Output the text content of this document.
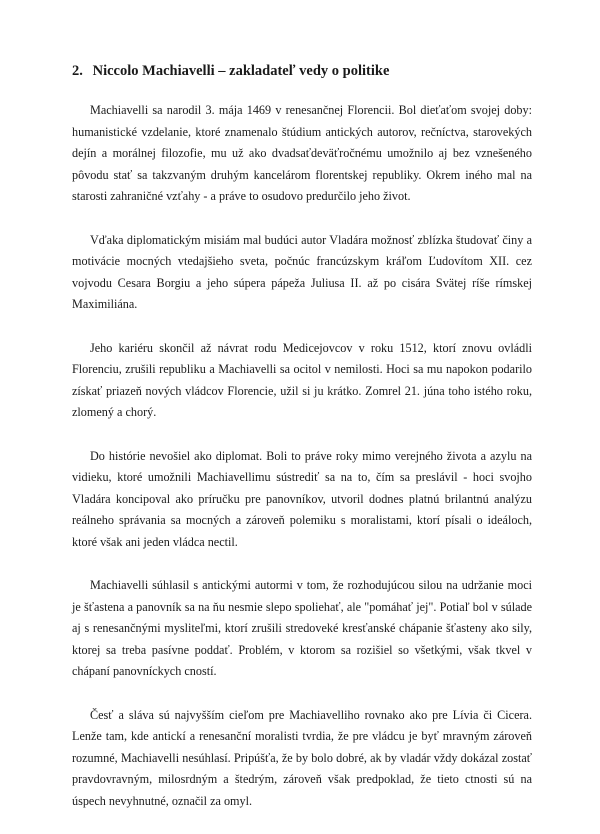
2. Niccolo Machiavelli – zakladateľ vedy o politike

Machiavelli sa narodil 3. mája 1469 v renesančnej Florencii. Bol dieťaťom svojej doby: humanistické vzdelanie, ktoré znamenalo štúdium antických autorov, rečníctva, starovekých dejín a morálnej filozofie, mu už ako dvadsaťdeväťročnému umožnilo aj bez vznešeného pôvodu stať sa takzvaným druhým kancelárom florentskej republiky. Okrem iného mal na starosti zahraničné vzťahy - a práve to osudovo predurčilo jeho život.

Vďaka diplomatickým misiám mal budúci autor Vladára možnosť zblízka študovať činy a motivácie mocných vtedajšieho sveta, počnúc francúzskym kráľom Ľudovítom XII. cez vojvodu Cesara Borgiu a jeho súpera pápeža Juliusa II. až po cisára Svätej ríše rímskej Maximiliána.

Jeho kariéru skončil až návrat rodu Medicejovcov v roku 1512, ktorí znovu ovládli Florenciu, zrušili republiku a Machiavelli sa ocitol v nemilosti. Hoci sa mu napokon podarilo získať priazeň nových vládcov Florencie, užil si ju krátko. Zomrel 21. júna toho istého roku, zlomený a chorý.

Do histórie nevošiel ako diplomat. Boli to práve roky mimo verejného života a azylu na vidieku, ktoré umožnili Machiavellimu sústrediť sa na to, čím sa preslávil - hoci svojho Vladára koncipoval ako príručku pre panovníkov, utvoril dodnes platnú brilantnú analýzu reálneho správania sa mocných a zároveň polemiku s moralistami, ktorí písali o ideáloch, ktoré však ani jeden vládca nectil.

Machiavelli súhlasil s antickými autormi v tom, že rozhodujúcou silou na udržanie moci je šťastena a panovník sa na ňu nesmie slepo spoliehať, ale "pomáhať jej". Potiaľ bol v súlade aj s renesančnými mysliteľmi, ktorí zrušili stredoveké kresťanské chápanie šťasteny ako sily, ktorej sa treba pasívne poddať. Problém, v ktorom sa rozišiel so všetkými, však tkvel v chápaní panovníckych cností.

Česť a sláva sú najvyšším cieľom pre Machiavelliho rovnako ako pre Lívia či Cicera. Lenže tam, kde antickí a renesanční moralisti tvrdia, že pre vládcu je byť mravným zároveň rozumné, Machiavelli nesúhlasí. Pripúšťa, že by bolo dobré, ak by vladár vždy dokázal zostať pravdovravným, milosrdným a štedrým, zároveň však predpoklad, že tieto ctnosti sú na úspech nevyhnutné, označil za omyl.
